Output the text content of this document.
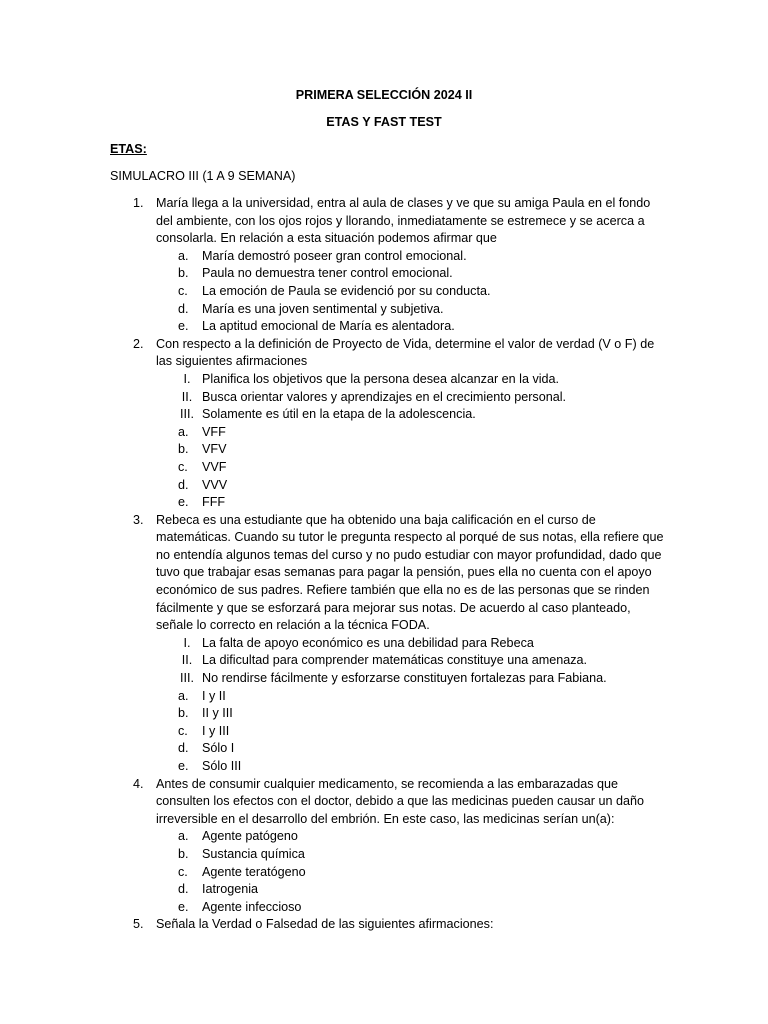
PRIMERA SELECCIÓN 2024 II
ETAS Y FAST TEST
ETAS:
SIMULACRO III (1 A 9 SEMANA)
1. María llega a la universidad, entra al aula de clases y ve que su amiga Paula en el fondo del ambiente, con los ojos rojos y llorando, inmediatamente se estremece y se acerca a consolarla. En relación a esta situación podemos afirmar que
a.	María demostró poseer gran control emocional.
b.	Paula no demuestra tener control emocional.
c.	La emoción de Paula se evidenció por su conducta.
d.	María es una joven sentimental y subjetiva.
e.	La aptitud emocional de María es alentadora.
2. Con respecto a la definición de Proyecto de Vida, determine el valor de verdad (V o F) de las siguientes afirmaciones
I. Planifica los objetivos que la persona desea alcanzar en la vida.
II. Busca orientar valores y aprendizajes en el crecimiento personal.
III. Solamente es útil en la etapa de la adolescencia.
a.	VFF
b.	VFV
c.	VVF
d.	VVV
e.	FFF
3. Rebeca es una estudiante que ha obtenido una baja calificación en el curso de matemáticas. Cuando su tutor le pregunta respecto al porqué de sus notas, ella refiere que no entendía algunos temas del curso y no pudo estudiar con mayor profundidad, dado que tuvo que trabajar esas semanas para pagar la pensión, pues ella no cuenta con el apoyo económico de sus padres. Refiere también que ella no es de las personas que se rinden fácilmente y que se esforzará para mejorar sus notas. De acuerdo al caso planteado, señale lo correcto en relación a la técnica FODA.
I. La falta de apoyo económico es una debilidad para Rebeca
II. La dificultad para comprender matemáticas constituye una amenaza.
III. No rendirse fácilmente y esforzarse constituyen fortalezas para Fabiana.
a.	I y II
b.	II y III
c.	I y III
d.	Sólo I
e.	Sólo III
4. Antes de consumir cualquier medicamento, se recomienda a las embarazadas que consulten los efectos con el doctor, debido a que las medicinas pueden causar un daño irreversible en el desarrollo del embrión. En este caso, las medicinas serían un(a):
a.	Agente patógeno
b.	Sustancia química
c.	Agente teratógeno
d.	Iatrogenia
e.	Agente infeccioso
5. Señala la Verdad o Falsedad de las siguientes afirmaciones:
